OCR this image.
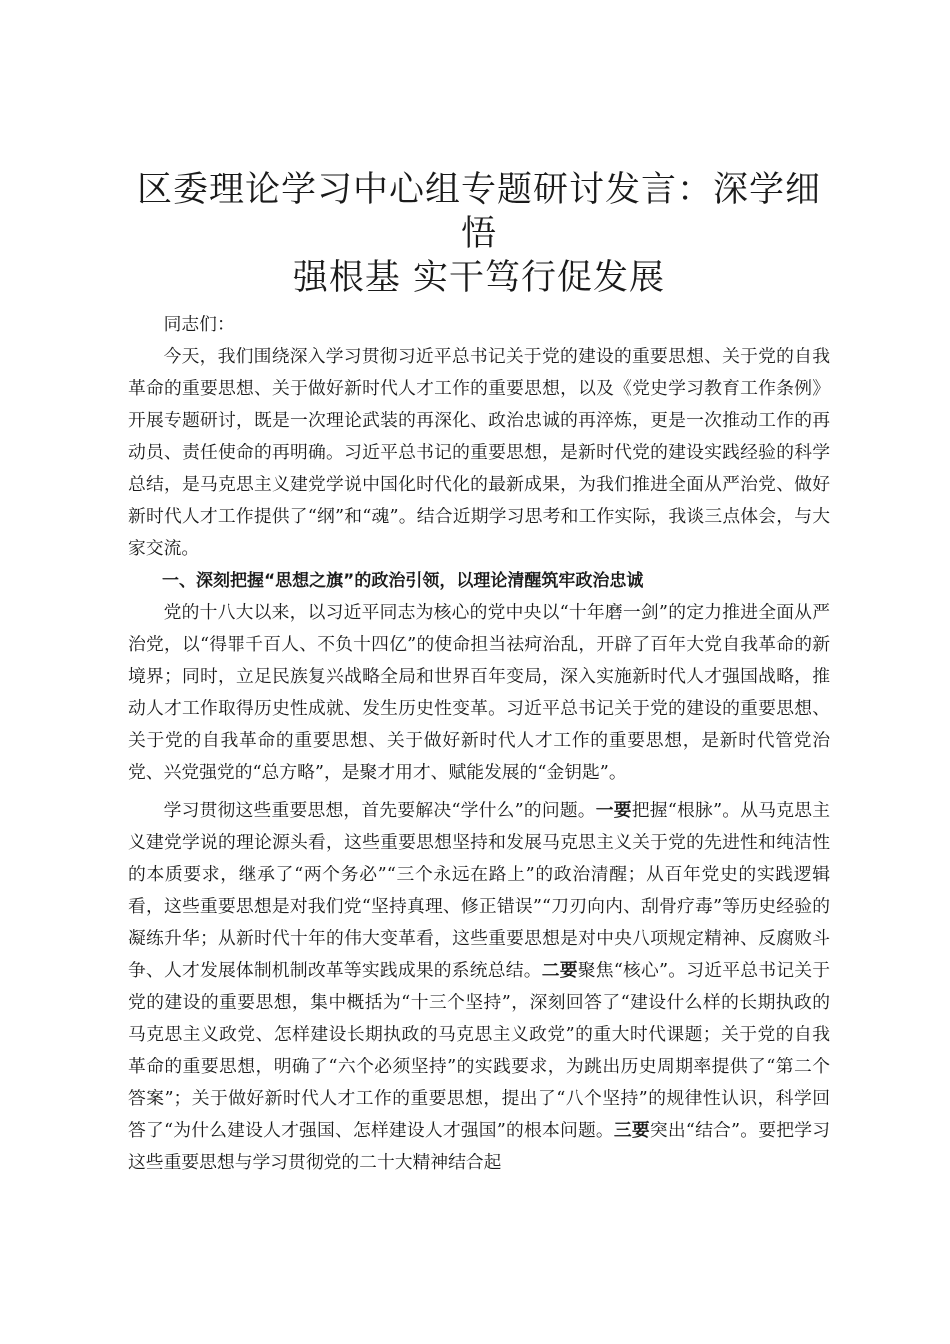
区委理论学习中心组专题研讨发言：深学细悟
强根基 实干笃行促发展

同志们：

今天，我们围绕深入学习贯彻习近平总书记关于党的建设的重要思想、关于党的自我革命的重要思想、关于做好新时代人才工作的重要思想，以及《党史学习教育工作条例》开展专题研讨，既是一次理论武装的再深化、政治忠诚的再淬炼，更是一次推动工作的再动员、责任使命的再明确。习近平总书记的重要思想，是新时代党的建设实践经验的科学总结，是马克思主义建党学说中国化时代化的最新成果，为我们推进全面从严治党、做好新时代人才工作提供了“纲”和“魂”。结合近期学习思考和工作实际，我谈三点体会，与大家交流。

一、深刻把握“思想之旗”的政治引领，以理论清醒筑牢政治忠诚

党的十八大以来，以习近平同志为核心的党中央以“十年磨一剑”的定力推进全面从严治党，以“得罪千百人、不负十四亿”的使命担当祛疴治乱，开辟了百年大党自我革命的新境界；同时，立足民族复兴战略全局和世界百年变局，深入实施新时代人才强国战略，推动人才工作取得历史性成就、发生历史性变革。习近平总书记关于党的建设的重要思想、关于党的自我革命的重要思想、关于做好新时代人才工作的重要思想，是新时代管党治党、兴党强党的“总方略”，是聚才用才、赋能发展的“金钥匙”。

学习贯彻这些重要思想，首先要解决“学什么”的问题。一要把握“根脉”。从马克思主义建党学说的理论源头看，这些重要思想坚持和发展马克思主义关于党的先进性和纯洁性的本质要求，继承了“两个务必”“三个永远在路上”的政治清醒；从百年党史的实践逻辑看，这些重要思想是对我们党“坚持真理、修正错误”“刀刃向内、刮骨疗毒”等历史经验的凝练升华；从新时代十年的伟大变革看，这些重要思想是对中央八项规定精神、反腐败斗争、人才发展体制机制改革等实践成果的系统总结。二要聚焦“核心”。习近平总书记关于党的建设的重要思想，集中概括为“十三个坚持”，深刻回答了“建设什么样的长期执政的马克思主义政党、怎样建设长期执政的马克思主义政党”的重大时代课题；关于党的自我革命的重要思想，明确了“六个必须坚持”的实践要求，为跳出历史周期率提供了“第二个答案”；关于做好新时代人才工作的重要思想，提出了“八个坚持”的规律性认识，科学回答了“为什么建设人才强国、怎样建设人才强国”的根本问题。三要突出“结合”。要把学习这些重要思想与学习贯彻党的二十大精神结合起
